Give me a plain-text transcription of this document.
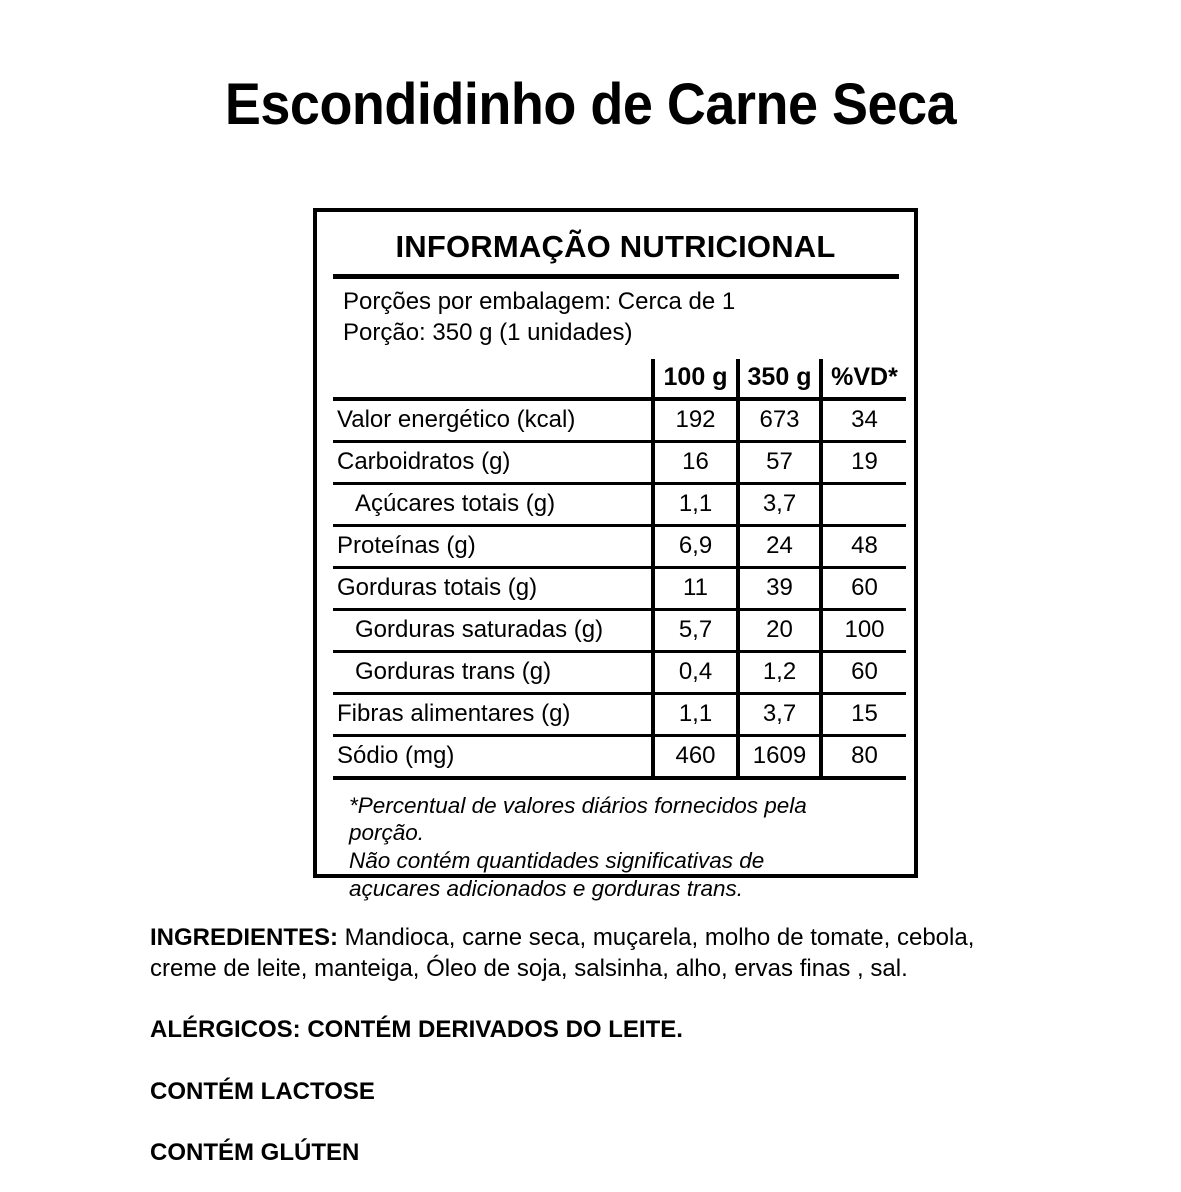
Escondidinho de Carne Seca
INFORMAÇÃO NUTRICIONAL
Porções por embalagem: Cerca de 1
Porção: 350 g (1 unidades)
	100 g	350 g	%VD*
Valor energético (kcal)	192	673	34
Carboidratos (g)	16	57	19
Açúcares totais (g)	1,1	3,7	
Proteínas (g)	6,9	24	48
Gorduras totais (g)	11	39	60
Gorduras saturadas (g)	5,7	20	100
Gorduras trans (g)	0,4	1,2	60
Fibras alimentares (g)	1,1	3,7	15
Sódio (mg)	460	1609	80

*Percentual de valores diários fornecidos pela

porção.

Não contém quantidades significativas de

açucares adicionados e gorduras trans.

INGREDIENTES: Mandioca, carne seca, muçarela, molho de tomate, cebola, creme de leite, manteiga, Óleo de soja, salsinha, alho, ervas finas , sal.

ALÉRGICOS: CONTÉM DERIVADOS DO LEITE.

CONTÉM LACTOSE

CONTÉM GLÚTEN
